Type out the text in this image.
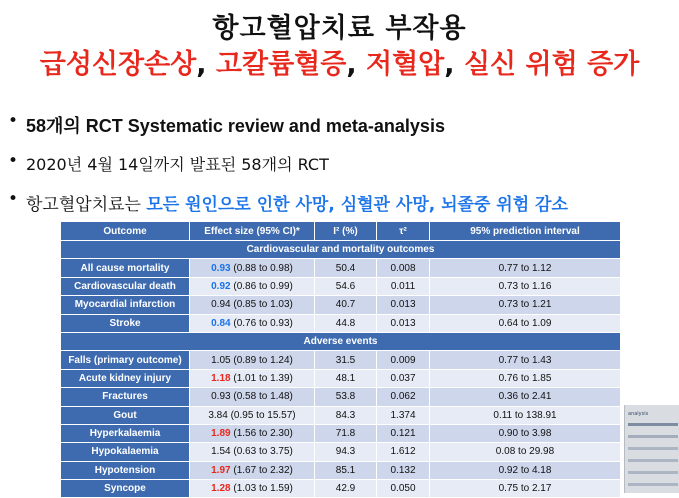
항고혈압치료 부작용
급성신장손상, 고칼륨혈증, 저혈압, 실신 위험 증가
• 58개의 RCT Systematic review and meta-analysis
• 2020년 4월 14일까지 발표된 58개의 RCT
• 항고혈압치료는 모든 원인으로 인한 사망, 심혈관 사망, 뇌졸중 위험 감소
Outcome	Effect size (95% CI)*	I² (%)	τ²	95% prediction interval
Cardiovascular and mortality outcomes				
All cause mortality	0.93 (0.88 to 0.98)	50.4	0.008	0.77 to 1.12
Cardiovascular death	0.92 (0.86 to 0.99)	54.6	0.011	0.73 to 1.16
Myocardial infarction	0.94 (0.85 to 1.03)	40.7	0.013	0.73 to 1.21
Stroke	0.84 (0.76 to 0.93)	44.8	0.013	0.64 to 1.09
Adverse events				
Falls (primary outcome)	1.05 (0.89 to 1.24)	31.5	0.009	0.77 to 1.43
Acute kidney injury	1.18 (1.01 to 1.39)	48.1	0.037	0.76 to 1.85
Fractures	0.93 (0.58 to 1.48)	53.8	0.062	0.36 to 2.41
Gout	3.84 (0.95 to 15.57)	84.3	1.374	0.11 to 138.91
Hyperkalaemia	1.89 (1.56 to 2.30)	71.8	0.121	0.90 to 3.98
Hypokalaemia	1.54 (0.63 to 3.75)	94.3	1.612	0.08 to 29.98
Hypotension	1.97 (1.67 to 2.32)	85.1	0.132	0.92 to 4.18
Syncope	1.28 (1.03 to 1.59)	42.9	0.050	0.75 to 2.17
analysis
